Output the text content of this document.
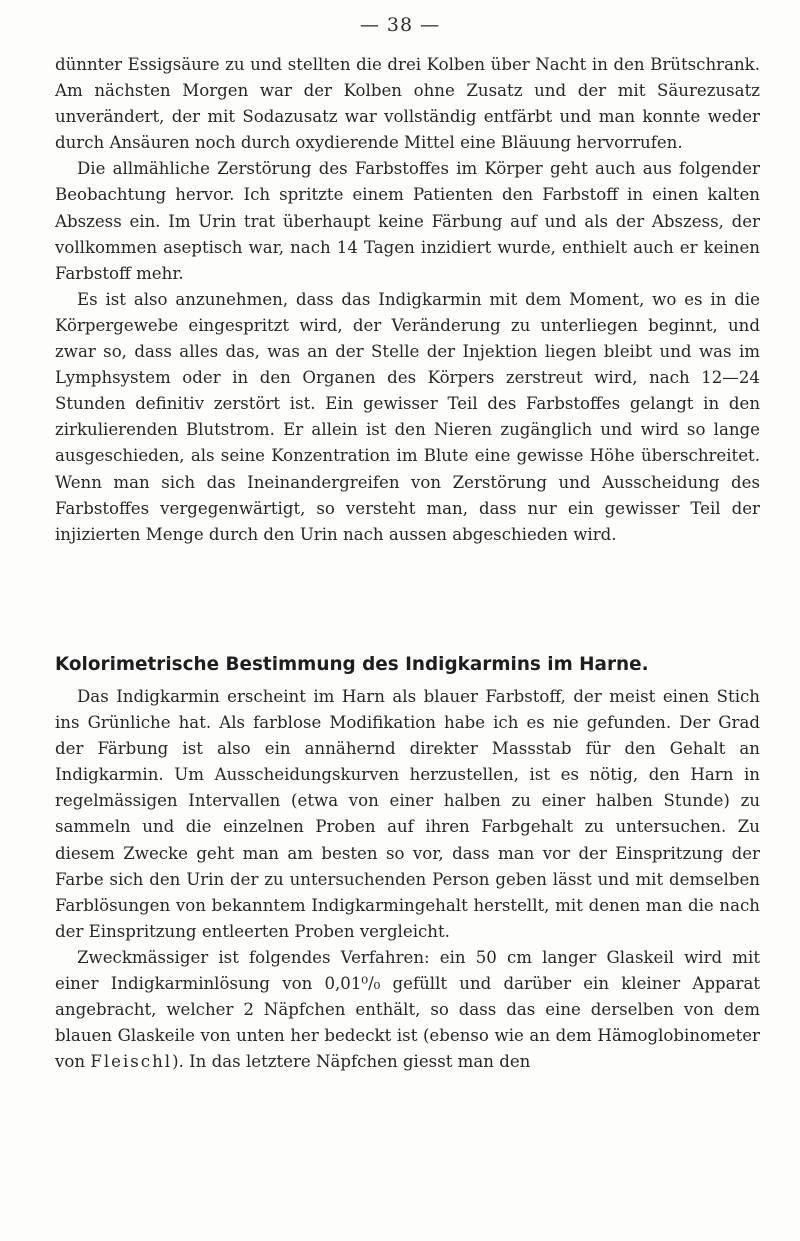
— 38 —

dünnter Essigsäure zu und stellten die drei Kolben über Nacht in den Brütschrank. Am nächsten Morgen war der Kolben ohne Zusatz und der mit Säurezusatz unverändert, der mit Sodazusatz war vollständig entfärbt und man konnte weder durch Ansäuren noch durch oxydierende Mittel eine Bläuung hervorrufen.

Die allmähliche Zerstörung des Farbstoffes im Körper geht auch aus folgender Beobachtung hervor. Ich spritzte einem Patienten den Farbstoff in einen kalten Abszess ein. Im Urin trat überhaupt keine Färbung auf und als der Abszess, der vollkommen aseptisch war, nach 14 Tagen inzidiert wurde, enthielt auch er keinen Farbstoff mehr.

Es ist also anzunehmen, dass das Indigkarmin mit dem Moment, wo es in die Körpergewebe eingespritzt wird, der Veränderung zu unterliegen beginnt, und zwar so, dass alles das, was an der Stelle der Injektion liegen bleibt und was im Lymphsystem oder in den Organen des Körpers zerstreut wird, nach 12—24 Stunden definitiv zerstört ist. Ein gewisser Teil des Farbstoffes gelangt in den zirkulierenden Blutstrom. Er allein ist den Nieren zugänglich und wird so lange ausgeschieden, als seine Konzentration im Blute eine gewisse Höhe überschreitet. Wenn man sich das Ineinandergreifen von Zerstörung und Ausscheidung des Farbstoffes vergegenwärtigt, so versteht man, dass nur ein gewisser Teil der injizierten Menge durch den Urin nach aussen abgeschieden wird.

Kolorimetrische Bestimmung des Indigkarmins im Harne.

Das Indigkarmin erscheint im Harn als blauer Farbstoff, der meist einen Stich ins Grünliche hat. Als farblose Modifikation habe ich es nie gefunden. Der Grad der Färbung ist also ein annähernd direkter Massstab für den Gehalt an Indigkarmin. Um Ausscheidungskurven herzustellen, ist es nötig, den Harn in regelmässigen Intervallen (etwa von einer halben zu einer halben Stunde) zu sammeln und die einzelnen Proben auf ihren Farbgehalt zu untersuchen. Zu diesem Zwecke geht man am besten so vor, dass man vor der Einspritzung der Farbe sich den Urin der zu untersuchenden Person geben lässt und mit demselben Farblösungen von bekanntem Indigkarmingehalt herstellt, mit denen man die nach der Einspritzung entleerten Proben vergleicht.

Zweckmässiger ist folgendes Verfahren: ein 50 cm langer Glaskeil wird mit einer Indigkarminlösung von 0,01⁰/₀ gefüllt und darüber ein kleiner Apparat angebracht, welcher 2 Näpfchen enthält, so dass das eine derselben von dem blauen Glaskeile von unten her bedeckt ist (ebenso wie an dem Hämoglobinometer von Fleischl). In das letztere Näpfchen giesst man den
